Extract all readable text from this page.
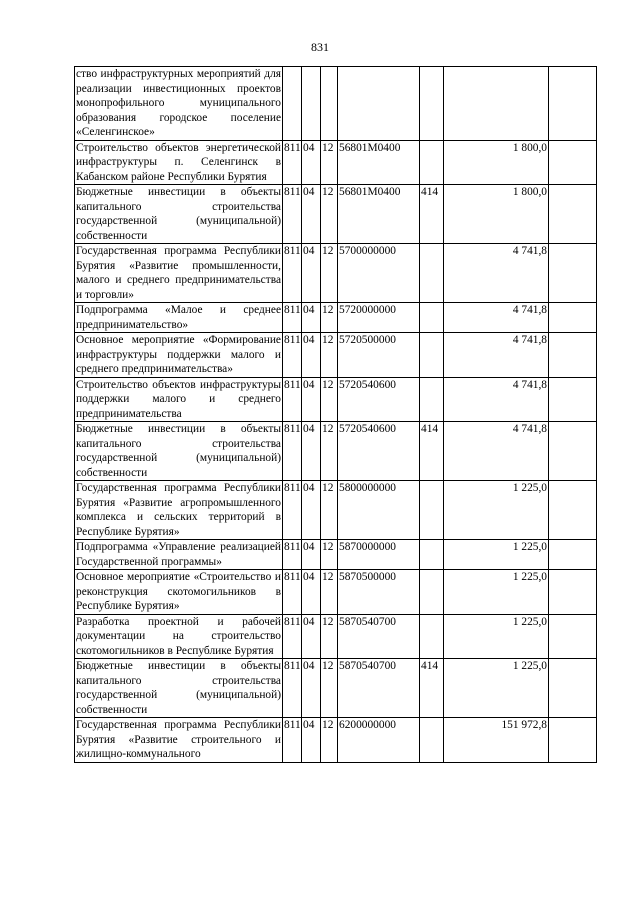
831
ство инфраструктурных мероприятий для реализации инвестиционных проектов монопрофильного муниципального образования городское поселение «Селенгинское»							
Строительство объектов энергетической инфраструктуры п. Селенгинск в Кабанском районе Республики Бурятия	811	04	12	56801М0400		1 800,0	
Бюджетные инвестиции в объекты капитального строительства государственной (муниципальной) собственности	811	04	12	56801М0400	414	1 800,0	
Государственная программа Республики Бурятия «Развитие промышленности, малого и среднего предпринимательства и торговли»	811	04	12	5700000000		4 741,8	
Подпрограмма «Малое и среднее предпринимательство»	811	04	12	5720000000		4 741,8	
Основное мероприятие «Формирование инфраструктуры поддержки малого и среднего предпринимательства»	811	04	12	5720500000		4 741,8	
Строительство объектов инфраструктуры поддержки малого и среднего предпринимательства	811	04	12	5720540600		4 741,8	
Бюджетные инвестиции в объекты капитального строительства государственной (муниципальной) собственности	811	04	12	5720540600	414	4 741,8	
Государственная программа Республики Бурятия «Развитие агропромышленного комплекса и сельских территорий в Республике Бурятия»	811	04	12	5800000000		1 225,0	
Подпрограмма «Управление реализацией Государственной программы»	811	04	12	5870000000		1 225,0	
Основное мероприятие «Строительство и реконструкция скотомогильников в Республике Бурятия»	811	04	12	5870500000		1 225,0	
Разработка проектной и рабочей документации на строительство скотомогильников в Республике Бурятия	811	04	12	5870540700		1 225,0	
Бюджетные инвестиции в объекты капитального строительства государственной (муниципальной) собственности	811	04	12	5870540700	414	1 225,0	
Государственная программа Республики Бурятия «Развитие строительного и жилищно-коммунального	811	04	12	6200000000		151 972,8	
